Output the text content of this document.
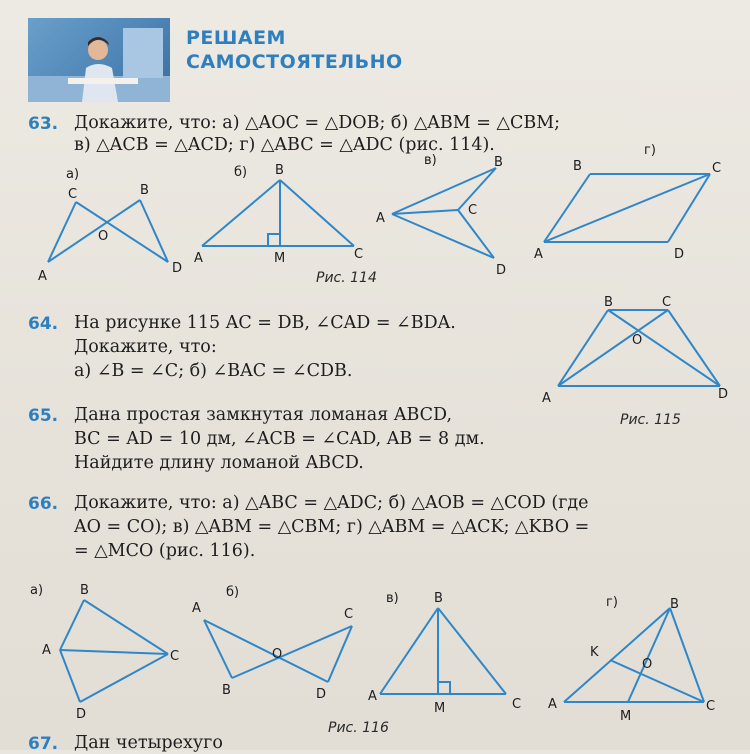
РЕШАЕМ
САМОСТОЯТЕЛЬНО
63. Докажите, что: а) △AOC = △DOB; б) △ABM = △CBM;
в) △ACB = △ACD; г) △ABC = △ADC (рис. 114).
а)
C	B
O
A
D
б) B
A	M	C
в)	B
A
C
D
г)
B	C
A	D
Рис. 114
64. На рисунке 115 AC = DB, ∠CAD = ∠BDA.
Докажите, что:
а) ∠B = ∠C; б) ∠BAC = ∠CDB.
B	C
O
A	D
Рис. 115
65. Дана простая замкнутая ломаная ABCD,
BC = AD = 10 дм, ∠ACB = ∠CAD, AB = 8 дм.
Найдите длину ломаной ABCD.
66. Докажите, что: а) △ABC = △ADC; б) △AOB = △COD (где
AO = CO); в) △ABM = △CBM; г) △ABM = △ACK; △KBO =
= △MCO (рис. 116).
а)	B
A	C
D
б)
A	C
O
B	D
в)	B
A
M	C
г)	B
K
O
A
M
C
Рис. 116
67. Дан четырехуго
